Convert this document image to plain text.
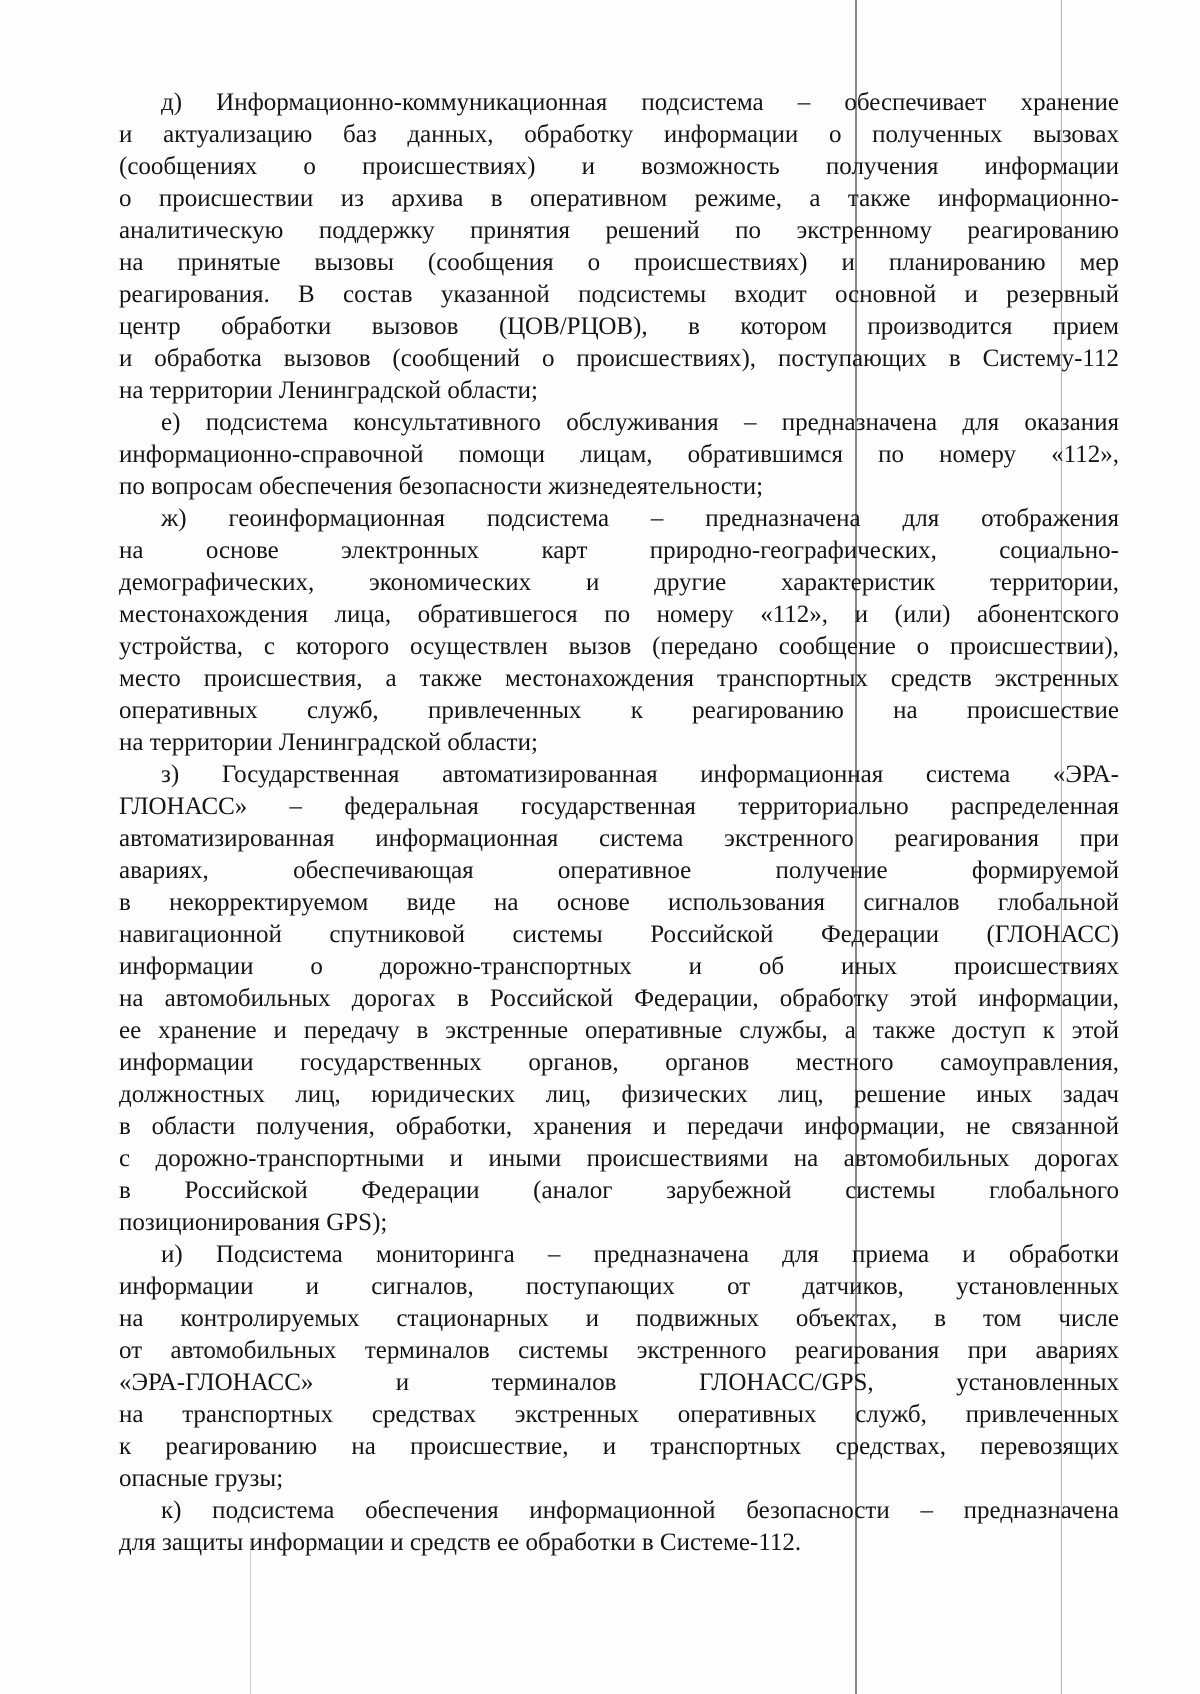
д) Информационно-коммуникационная подсистема – обеспечивает хранение
и актуализацию баз данных, обработку информации о полученных вызовах
(сообщениях о происшествиях) и возможность получения информации
о происшествии из архива в оперативном режиме, а также информационно-
аналитическую поддержку принятия решений по экстренному реагированию
на принятые вызовы (сообщения о происшествиях) и планированию мер
реагирования. В состав указанной подсистемы входит основной и резервный
центр обработки вызовов (ЦОВ/РЦОВ), в котором производится прием
и обработка вызовов (сообщений о происшествиях), поступающих в Систему-112
на территории Ленинградской области;
е) подсистема консультативного обслуживания – предназначена для оказания
информационно-справочной помощи лицам, обратившимся по номеру «112»,
по вопросам обеспечения безопасности жизнедеятельности;
ж) геоинформационная подсистема – предназначена для отображения
на основе электронных карт природно-географических, социально-
демографических, экономических и другие характеристик территории,
местонахождения лица, обратившегося по номеру «112», и (или) абонентского
устройства, с которого осуществлен вызов (передано сообщение о происшествии),
место происшествия, а также местонахождения транспортных средств экстренных
оперативных служб, привлеченных к реагированию на происшествие
на территории Ленинградской области;
з) Государственная автоматизированная информационная система «ЭРА-
ГЛОНАСС» – федеральная государственная территориально распределенная
автоматизированная информационная система экстренного реагирования при
авариях, обеспечивающая оперативное получение формируемой
в некорректируемом виде на основе использования сигналов глобальной
навигационной спутниковой системы Российской Федерации (ГЛОНАСС)
информации о дорожно-транспортных и об иных происшествиях
на автомобильных дорогах в Российской Федерации, обработку этой информации,
ее хранение и передачу в экстренные оперативные службы, а также доступ к этой
информации государственных органов, органов местного самоуправления,
должностных лиц, юридических лиц, физических лиц, решение иных задач
в области получения, обработки, хранения и передачи информации, не связанной
с дорожно-транспортными и иными происшествиями на автомобильных дорогах
в Российской Федерации (аналог зарубежной системы глобального
позиционирования GPS);
и) Подсистема мониторинга – предназначена для приема и обработки
информации и сигналов, поступающих от датчиков, установленных
на контролируемых стационарных и подвижных объектах, в том числе
от автомобильных терминалов системы экстренного реагирования при авариях
«ЭРА-ГЛОНАСС» и терминалов ГЛОНАСС/GPS, установленных
на транспортных средствах экстренных оперативных служб, привлеченных
к реагированию на происшествие, и транспортных средствах, перевозящих
опасные грузы;
к) подсистема обеспечения информационной безопасности – предназначена
для защиты информации и средств ее обработки в Системе-112.
